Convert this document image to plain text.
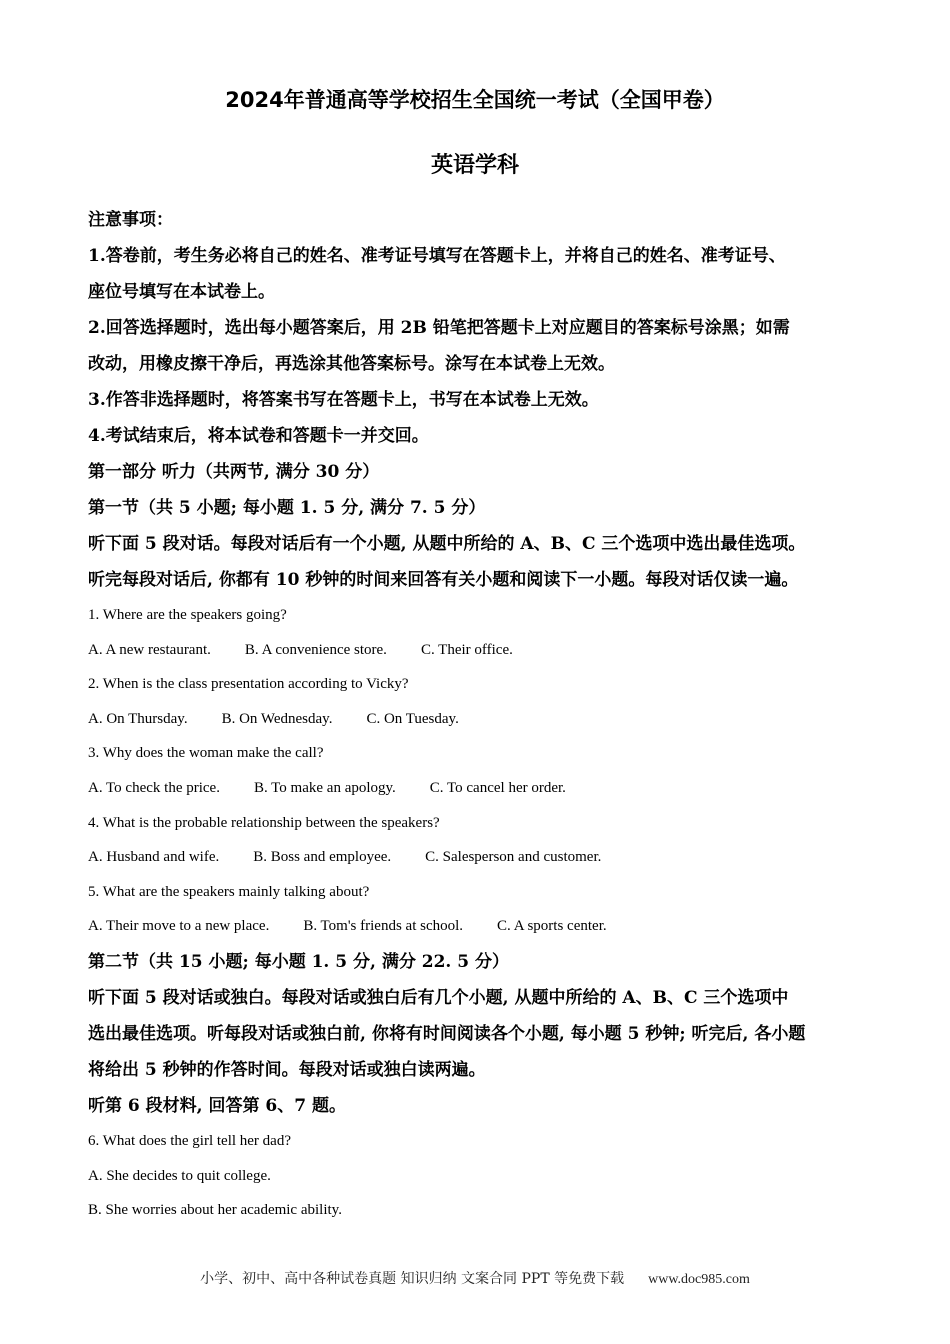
2024年普通高等学校招生全国统一考试（全国甲卷）
英语学科
注意事项：
1.答卷前，考生务必将自己的姓名、准考证号填写在答题卡上，并将自己的姓名、准考证号、
座位号填写在本试卷上。
2.回答选择题时，选出每小题答案后，用 2B 铅笔把答题卡上对应题目的答案标号涂黑；如需
改动，用橡皮擦干净后，再选涂其他答案标号。涂写在本试卷上无效。
3.作答非选择题时，将答案书写在答题卡上，书写在本试卷上无效。
4.考试结束后，将本试卷和答题卡一并交回。
第一部分 听力（共两节, 满分 30 分）
第一节（共 5 小题; 每小题 1. 5 分, 满分 7. 5 分）
听下面 5 段对话。每段对话后有一个小题, 从题中所给的 A、B、C 三个选项中选出最佳选项。
听完每段对话后, 你都有 10 秒钟的时间来回答有关小题和阅读下一小题。每段对话仅读一遍。
1. Where are the speakers going?
A. A new restaurant. B. A convenience store. C. Their office.
2. When is the class presentation according to Vicky?
A. On Thursday. B. On Wednesday. C. On Tuesday.
3. Why does the woman make the call?
A. To check the price. B. To make an apology. C. To cancel her order.
4. What is the probable relationship between the speakers?
A. Husband and wife. B. Boss and employee. C. Salesperson and customer.
5. What are the speakers mainly talking about?
A. Their move to a new place. B. Tom's friends at school. C. A sports center.
第二节（共 15 小题; 每小题 1. 5 分, 满分 22. 5 分）
听下面 5 段对话或独白。每段对话或独白后有几个小题, 从题中所给的 A、B、C 三个选项中
选出最佳选项。听每段对话或独白前, 你将有时间阅读各个小题, 每小题 5 秒钟; 听完后, 各小题
将给出 5 秒钟的作答时间。每段对话或独白读两遍。
听第 6 段材料, 回答第 6、7 题。
6. What does the girl tell her dad?
A. She decides to quit college.
B. She worries about her academic ability.
小学、初中、高中各种试卷真题 知识归纳 文案合同 PPT 等免费下载 www.doc985.com
